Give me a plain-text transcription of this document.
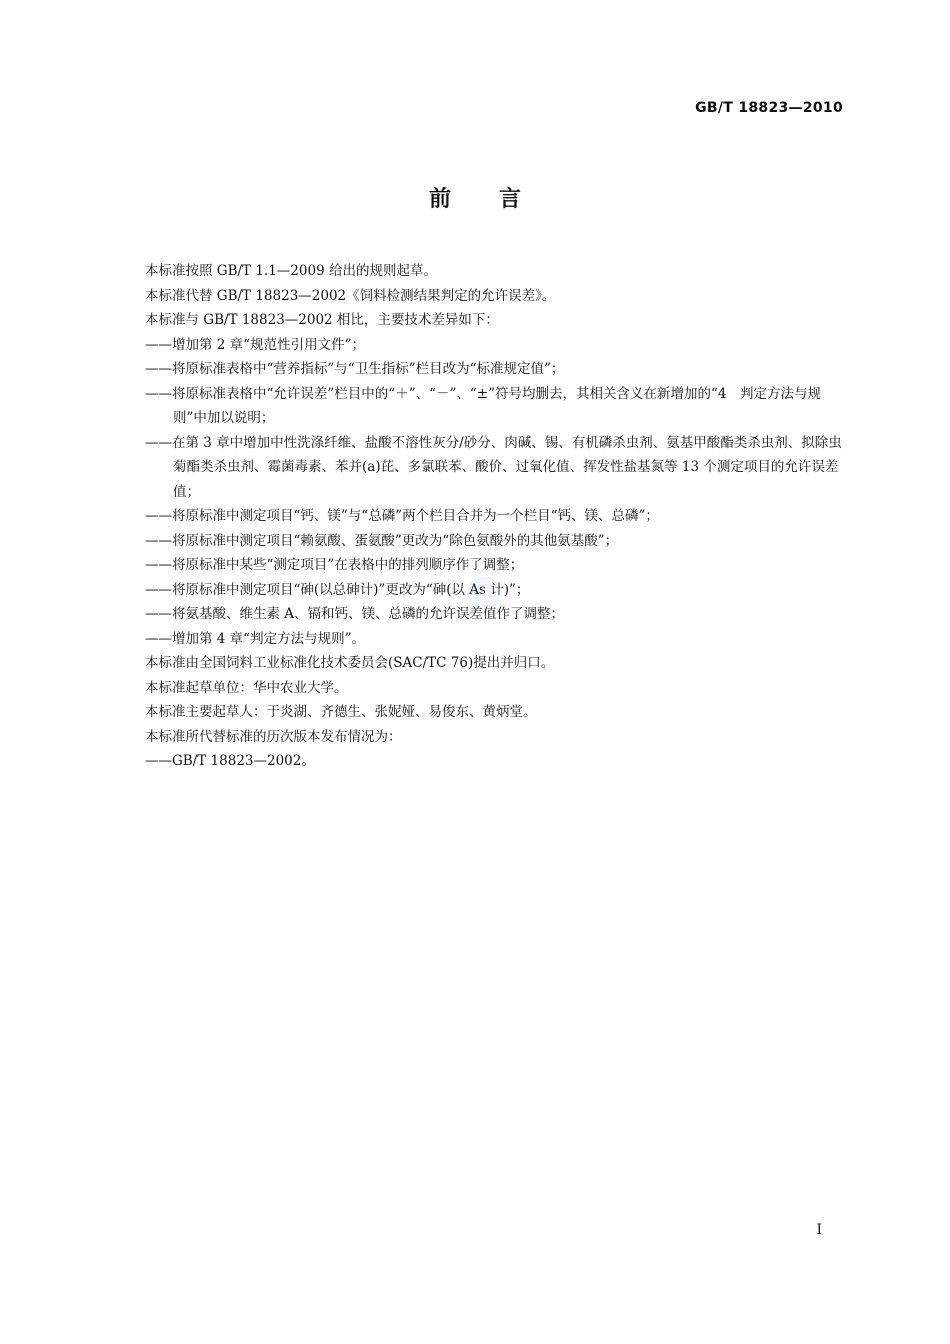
GB/T 18823—2010
前言

本标准按照 GB/T 1.1—2009 给出的规则起草。

本标准代替 GB/T 18823—2002《饲料检测结果判定的允许误差》。

本标准与 GB/T 18823—2002 相比，主要技术差异如下：

——增加第 2 章“规范性引用文件”；

——将原标准表格中“营养指标”与“卫生指标”栏目改为“标准规定值”；

——将原标准表格中“允许误差”栏目中的“＋”、“－”、“±”符号均删去，其相关含义在新增加的“4　判定方法与规则”中加以说明；

——在第 3 章中增加中性洗涤纤维、盐酸不溶性灰分/砂分、肉碱、锡、有机磷杀虫剂、氨基甲酸酯类杀虫剂、拟除虫菊酯类杀虫剂、霉菌毒素、苯并(a)芘、多氯联苯、酸价、过氧化值、挥发性盐基氮等 13 个测定项目的允许误差值；

——将原标准中测定项目“钙、镁”与“总磷”两个栏目合并为一个栏目“钙、镁、总磷”；

——将原标准中测定项目“赖氨酸、蛋氨酸”更改为“除色氨酸外的其他氨基酸”；

——将原标准中某些“测定项目”在表格中的排列顺序作了调整；

——将原标准中测定项目“砷(以总砷计)”更改为“砷(以 As 计)”；

——将氨基酸、维生素 A、镉和钙、镁、总磷的允许误差值作了调整；

——增加第 4 章“判定方法与规则”。

本标准由全国饲料工业标准化技术委员会(SAC/TC 76)提出并归口。

本标准起草单位：华中农业大学。

本标准主要起草人：于炎湖、齐德生、张妮娅、易俊东、黄炳堂。

本标准所代替标准的历次版本发布情况为：

——GB/T 18823—2002。

I
